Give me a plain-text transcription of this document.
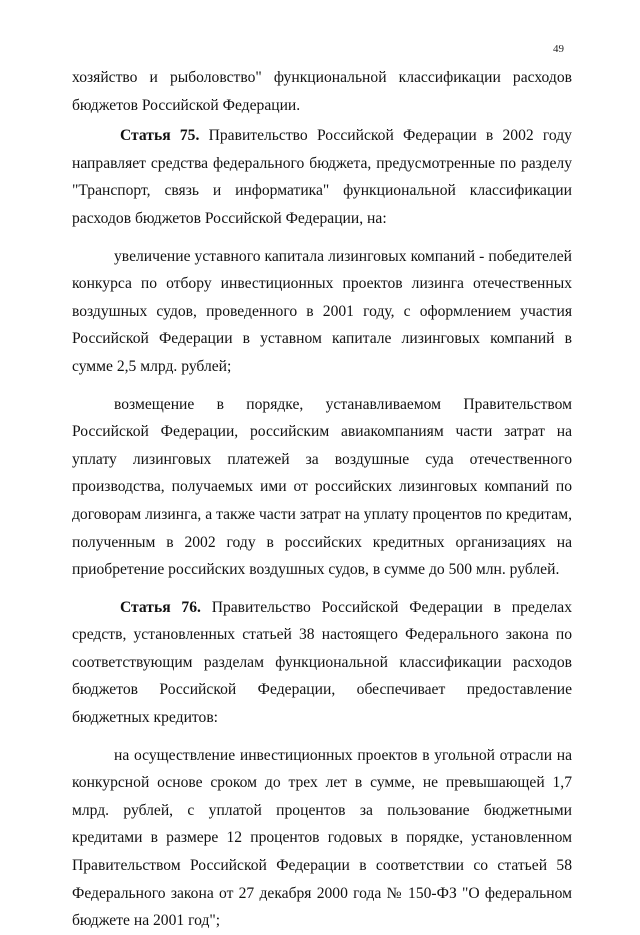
49

хозяйство и рыболовство" функциональной классификации расходов бюджетов Российской Федерации.

Статья 75. Правительство Российской Федерации в 2002 году направляет средства федерального бюджета, предусмотренные по разделу "Транспорт, связь и информатика" функциональной классификации расходов бюджетов Российской Федерации, на:

увеличение уставного капитала лизинговых компаний - победителей конкурса по отбору инвестиционных проектов лизинга отечественных воздушных судов, проведенного в 2001 году, с оформлением участия Российской Федерации в уставном капитале лизинговых компаний в сумме 2,5 млрд. рублей;

возмещение в порядке, устанавливаемом Правительством Российской Федерации, российским авиакомпаниям части затрат на уплату лизинговых платежей за воздушные суда отечественного производства, получаемых ими от российских лизинговых компаний по договорам лизинга, а также части затрат на уплату процентов по кредитам, полученным в 2002 году в российских кредитных организациях на приобретение российских воздушных судов, в сумме до 500 млн. рублей.

Статья 76. Правительство Российской Федерации в пределах средств, установленных статьей 38 настоящего Федерального закона по соответствующим разделам функциональной классификации расходов бюджетов Российской Федерации, обеспечивает предоставление бюджетных кредитов:

на осуществление инвестиционных проектов в угольной отрасли на конкурсной основе сроком до трех лет в сумме, не превышающей 1,7 млрд. рублей, с уплатой процентов за пользование бюджетными кредитами в размере 12 процентов годовых в порядке, установленном Правительством Российской Федерации в соответствии со статьей 58 Федерального закона от 27 декабря 2000 года № 150-ФЗ "О федеральном бюджете на 2001 год";
